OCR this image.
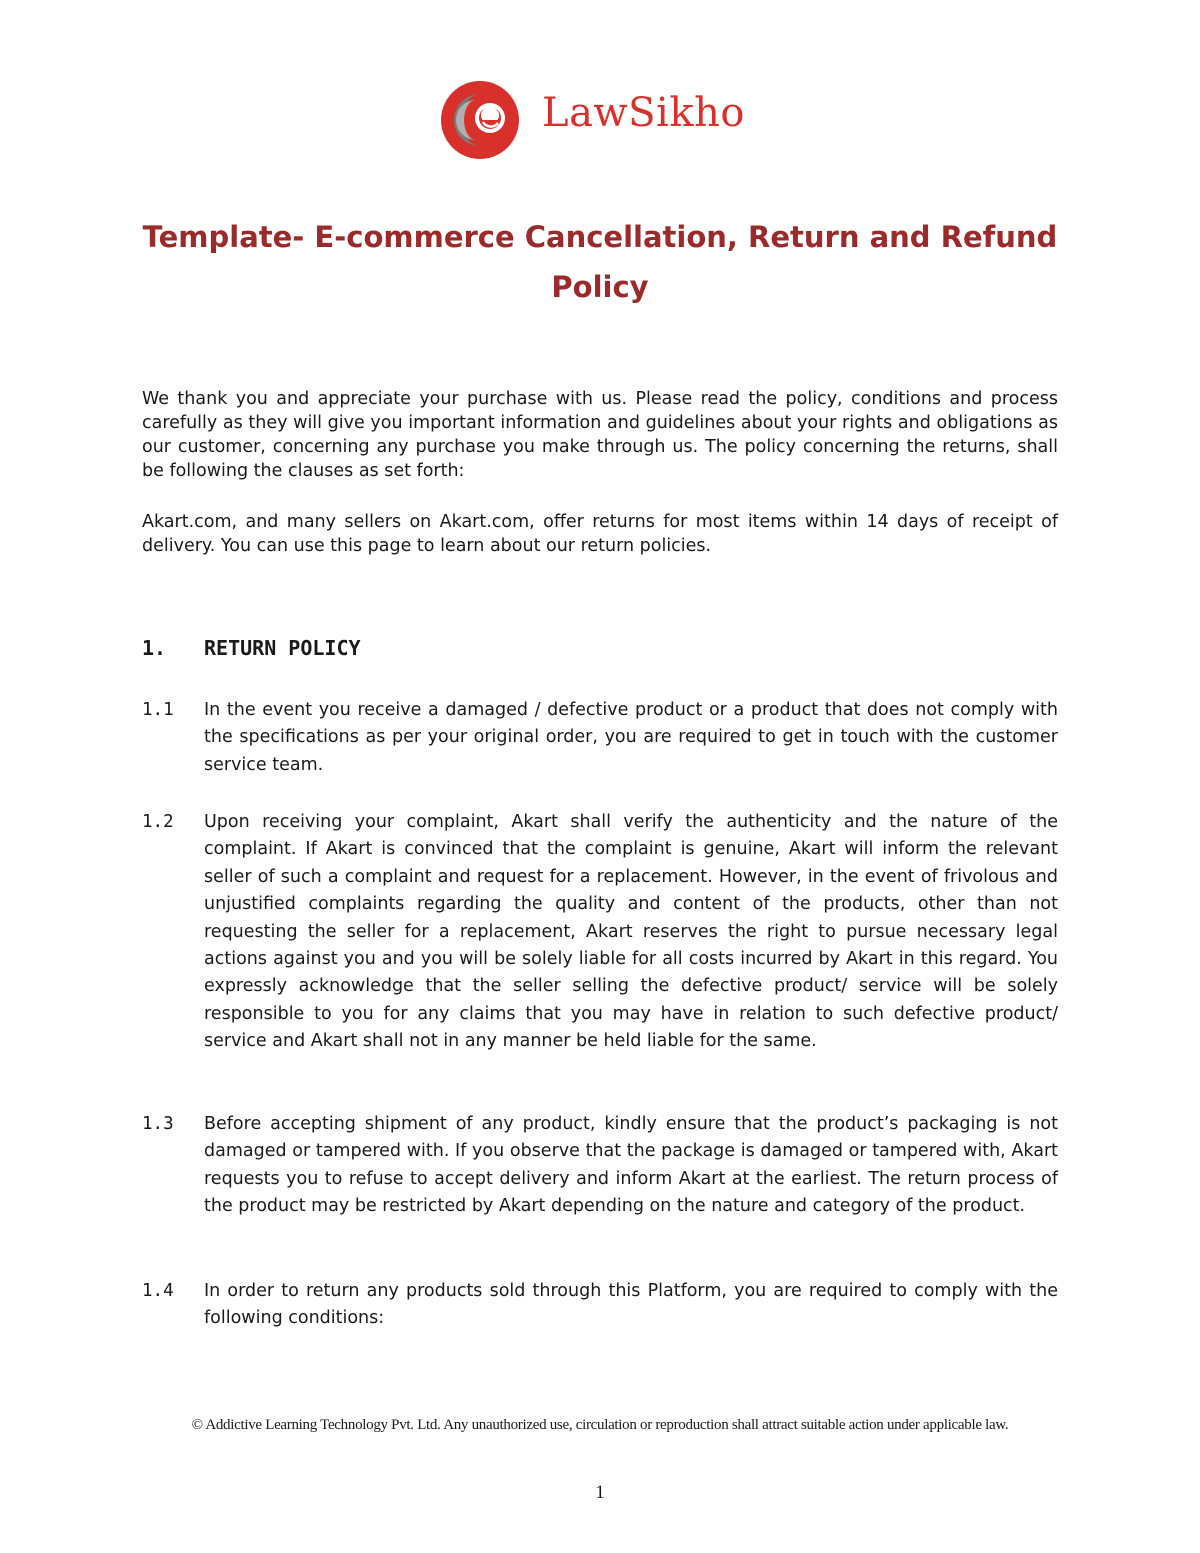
LawSikho
Template- E-commerce Cancellation, Return and Refund Policy

We thank you and appreciate your purchase with us. Please read the policy, conditions and process carefully as they will give you important information and guidelines about your rights and obligations as our customer, concerning any purchase you make through us. The policy concerning the returns, shall be following the clauses as set forth:

Akart.com, and many sellers on Akart.com, offer returns for most items within 14 days of receipt of delivery. You can use this page to learn about our return policies.

1. RETURN POLICY
1.1 In the event you receive a damaged / defective product or a product that does not comply with the specifications as per your original order, you are required to get in touch with the customer service team.
1.2 Upon receiving your complaint, Akart shall verify the authenticity and the nature of the complaint. If Akart is convinced that the complaint is genuine, Akart will inform the relevant seller of such a complaint and request for a replacement. However, in the event of frivolous and unjustified complaints regarding the quality and content of the products, other than not requesting the seller for a replacement, Akart reserves the right to pursue necessary legal actions against you and you will be solely liable for all costs incurred by Akart in this regard. You expressly acknowledge that the seller selling the defective product/ service will be solely responsible to you for any claims that you may have in relation to such defective product/ service and Akart shall not in any manner be held liable for the same.
1.3 Before accepting shipment of any product, kindly ensure that the product’s packaging is not damaged or tampered with. If you observe that the package is damaged or tampered with, Akart requests you to refuse to accept delivery and inform Akart at the earliest. The return process of the product may be restricted by Akart depending on the nature and category of the product.
1.4 In order to return any products sold through this Platform, you are required to comply with the following conditions:
© Addictive Learning Technology Pvt. Ltd. Any unauthorized use, circulation or reproduction shall attract suitable action under applicable law.
1
